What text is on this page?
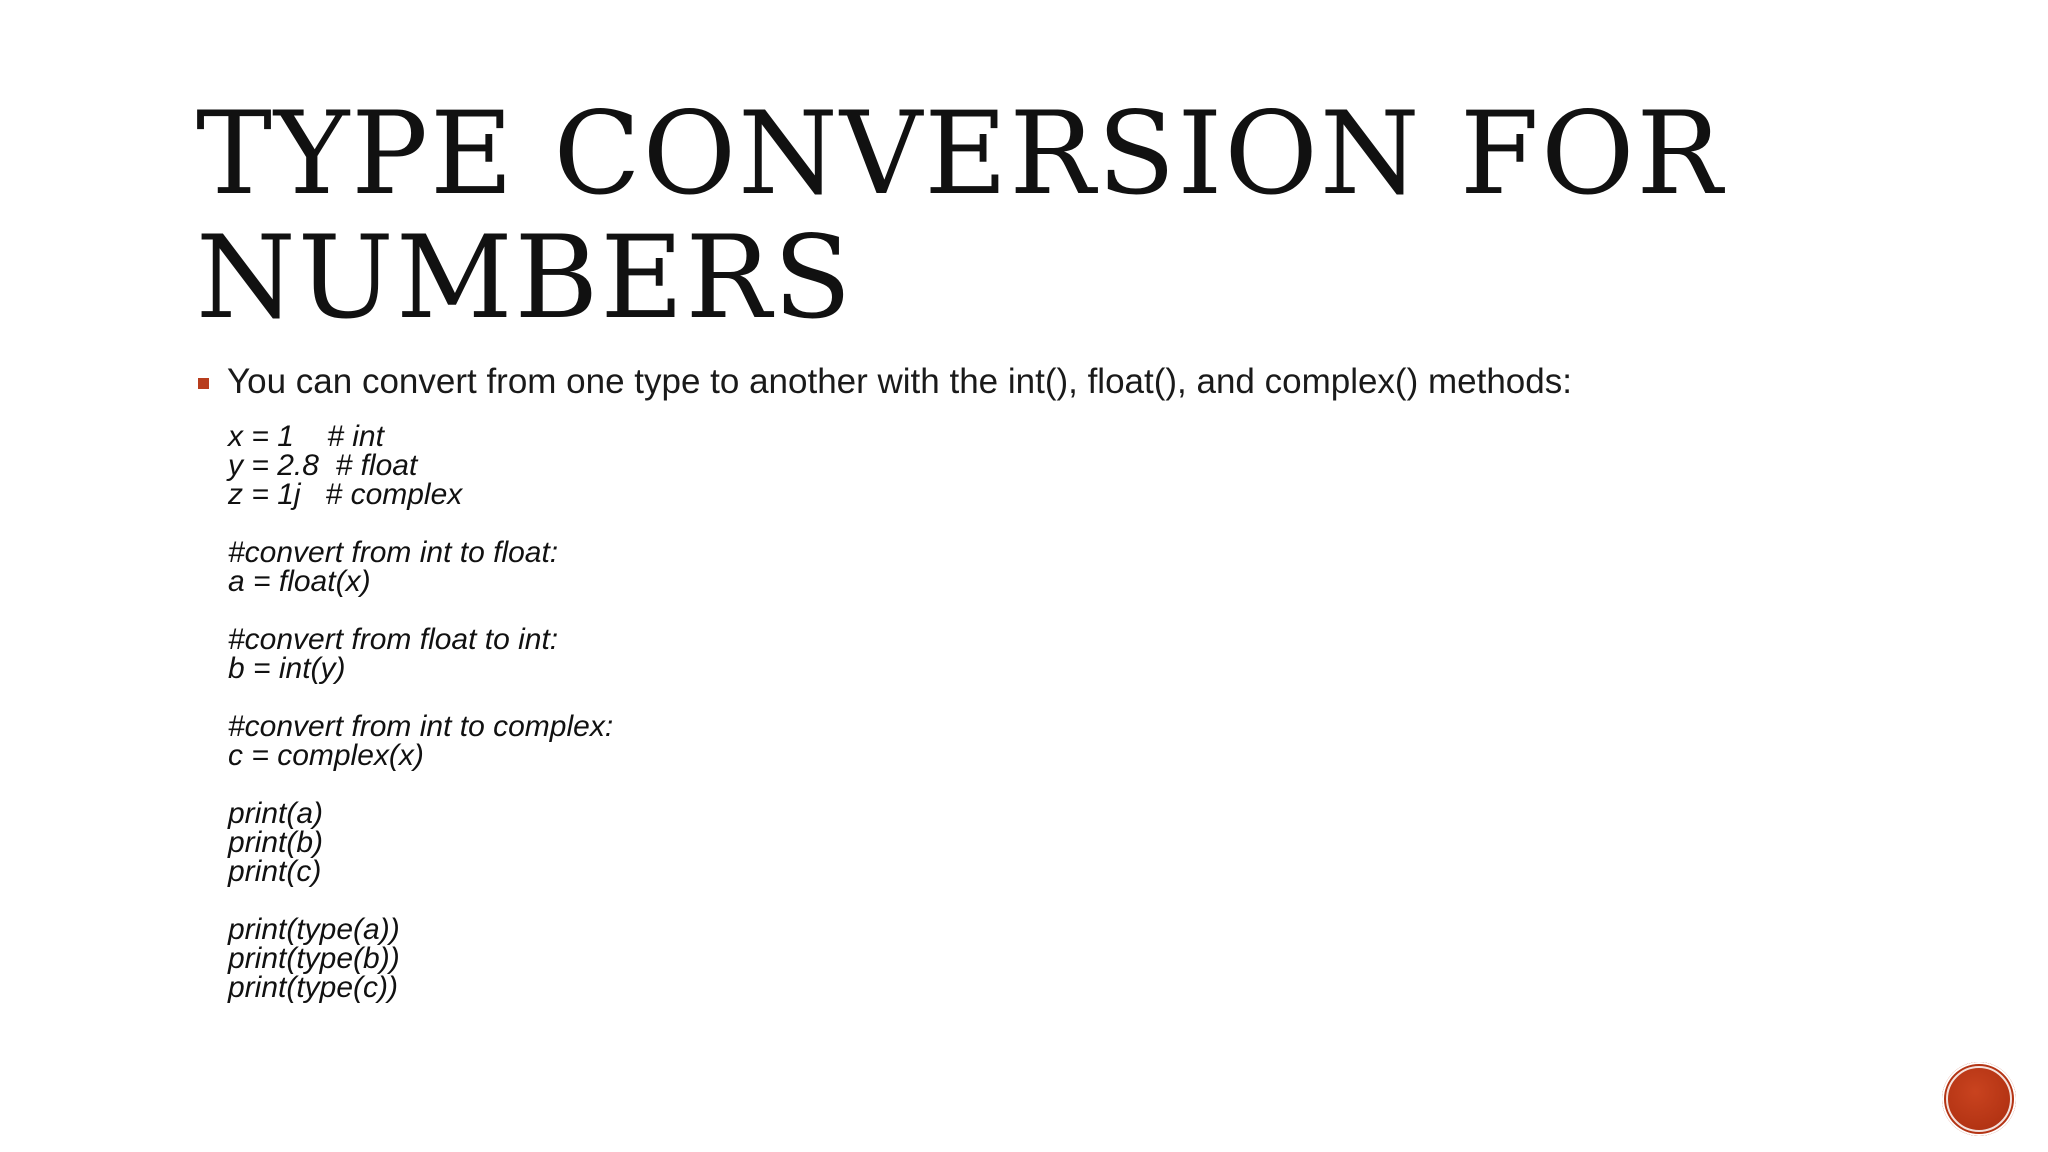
TYPE CONVERSION FOR
NUMBERS
You can convert from one type to another with the int(), float(), and complex() methods:
x = 1    # int
y = 2.8  # float
z = 1j   # complex
#convert from int to float:
a = float(x)
#convert from float to int:
b = int(y)
#convert from int to complex:
c = complex(x)
print(a)
print(b)
print(c)
print(type(a))
print(type(b))
print(type(c))
